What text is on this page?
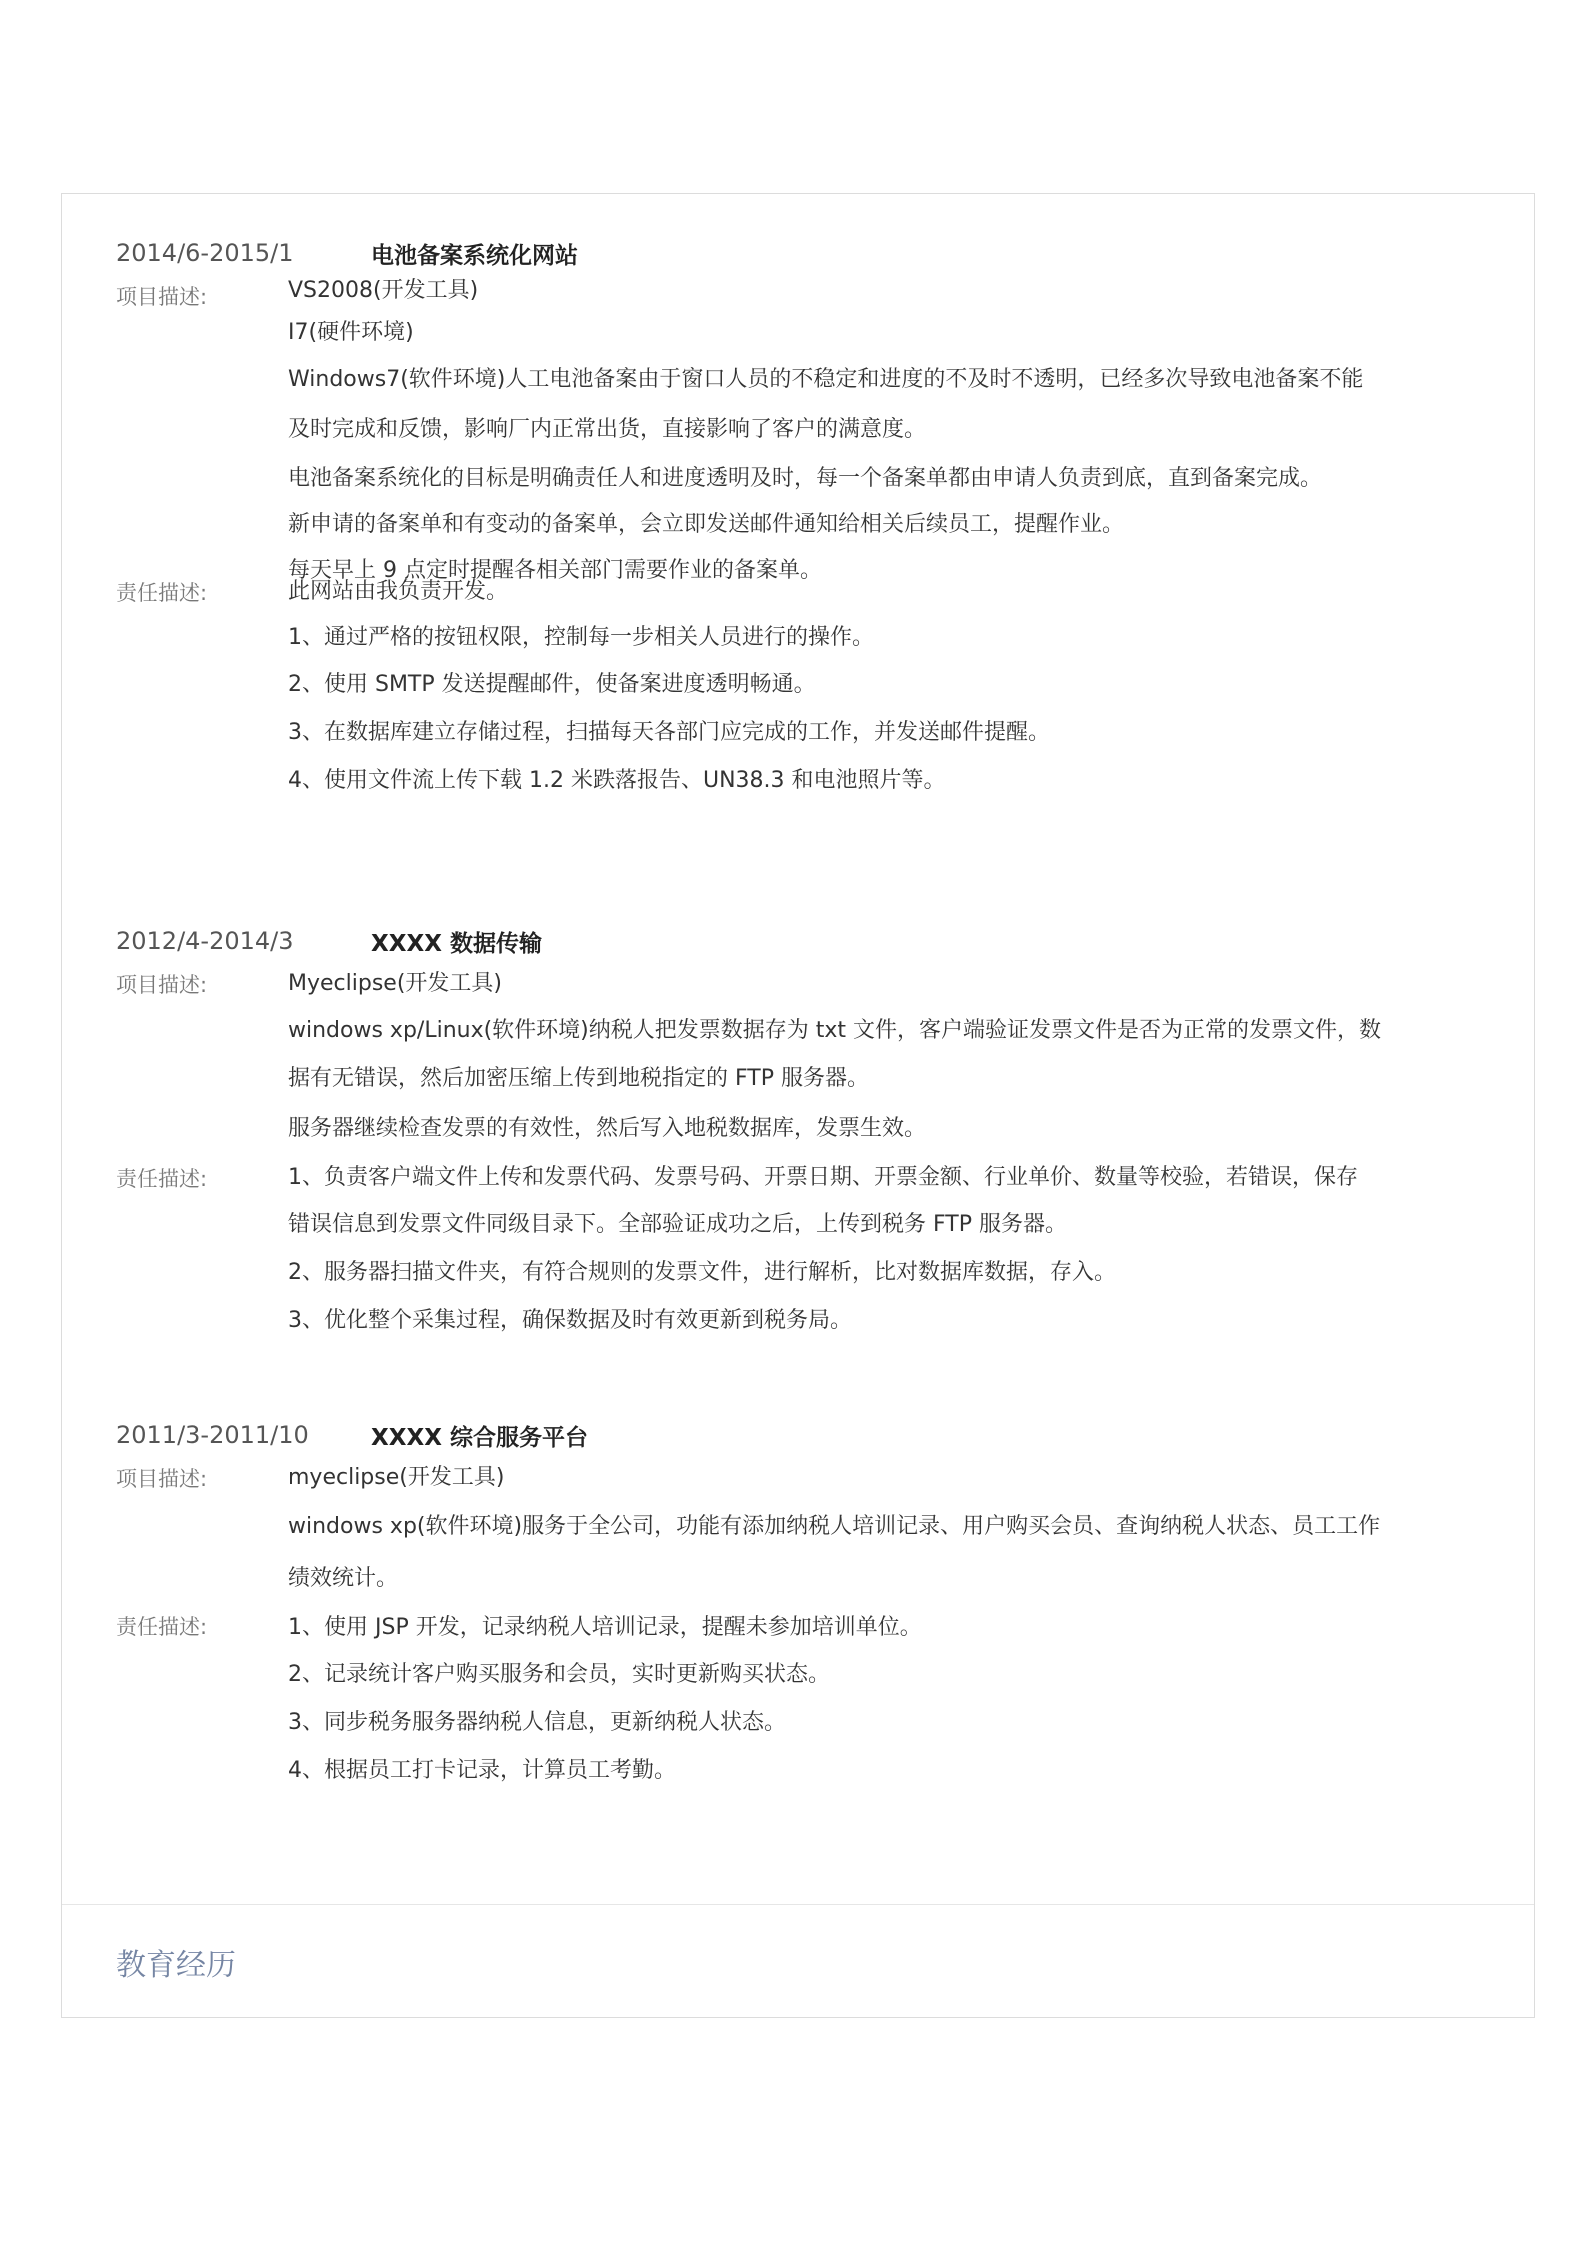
2014/6-2015/1	电池备案系统化网站
项目描述:	VS2008(开发工具)
I7(硬件环境)
Windows7(软件环境)人工电池备案由于窗口人员的不稳定和进度的不及时不透明，已经多次导致电池备案不能
及时完成和反馈，影响厂内正常出货，直接影响了客户的满意度。
电池备案系统化的目标是明确责任人和进度透明及时，每一个备案单都由申请人负责到底，直到备案完成。
新申请的备案单和有变动的备案单，会立即发送邮件通知给相关后续员工，提醒作业。
每天早上 9 点定时提醒各相关部门需要作业的备案单。
责任描述:	此网站由我负责开发。
1、通过严格的按钮权限，控制每一步相关人员进行的操作。
2、使用 SMTP 发送提醒邮件，使备案进度透明畅通。
3、在数据库建立存储过程，扫描每天各部门应完成的工作，并发送邮件提醒。
4、使用文件流上传下载 1.2 米跌落报告、UN38.3 和电池照片等。
2012/4-2014/3	XXXX 数据传输
项目描述:	Myeclipse(开发工具)
windows xp/Linux(软件环境)纳税人把发票数据存为 txt 文件，客户端验证发票文件是否为正常的发票文件，数
据有无错误，然后加密压缩上传到地税指定的 FTP 服务器。
服务器继续检查发票的有效性，然后写入地税数据库，发票生效。
责任描述:	1、负责客户端文件上传和发票代码、发票号码、开票日期、开票金额、行业单价、数量等校验，若错误，保存
错误信息到发票文件同级目录下。全部验证成功之后，上传到税务 FTP 服务器。
2、服务器扫描文件夹，有符合规则的发票文件，进行解析，比对数据库数据，存入。
3、优化整个采集过程，确保数据及时有效更新到税务局。
2011/3-2011/10	XXXX 综合服务平台
项目描述:	myeclipse(开发工具)
windows xp(软件环境)服务于全公司，功能有添加纳税人培训记录、用户购买会员、查询纳税人状态、员工工作
绩效统计。
责任描述:	1、使用 JSP 开发，记录纳税人培训记录，提醒未参加培训单位。
2、记录统计客户购买服务和会员，实时更新购买状态。
3、同步税务服务器纳税人信息，更新纳税人状态。
4、根据员工打卡记录，计算员工考勤。
教育经历
